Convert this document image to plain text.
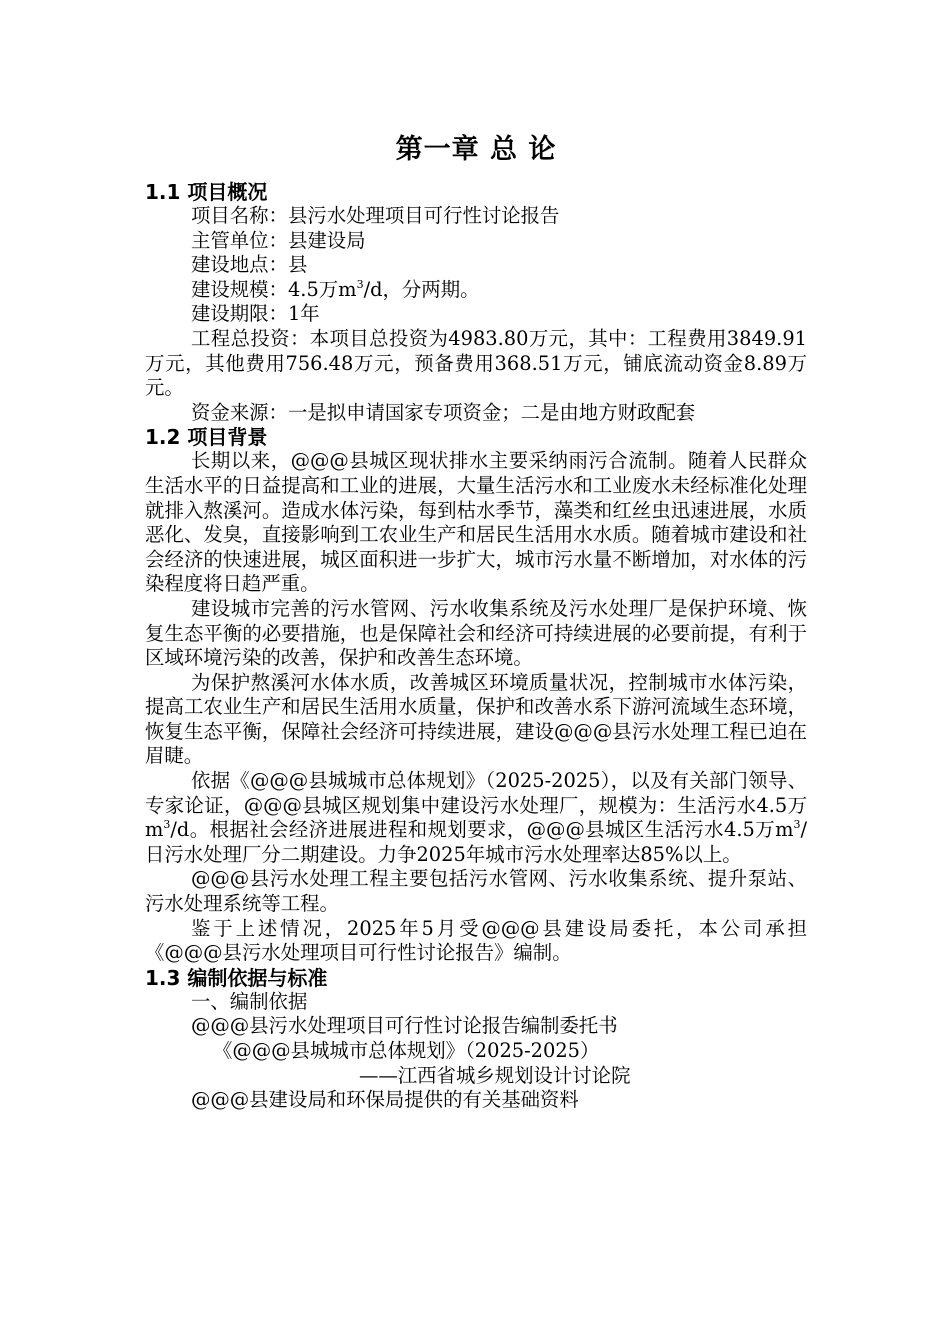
第一章 总 论
1.1 项目概况
项目名称：县污水处理项目可行性讨论报告
主管单位：县建设局
建设地点：县
建设规模：4.5万$m^3/d$，分两期。
建设期限：1年
工程总投资：本项目总投资为4983.80万元，其中：工程费用3849.91万元，其他费用756.48万元，预备费用368.51万元，铺底流动资金8.89万元。
资金来源：一是拟申请国家专项资金；二是由地方财政配套
1.2 项目背景
长期以来，@@@县城区现状排水主要采纳雨污合流制。随着人民群众生活水平的日益提高和工业的进展，大量生活污水和工业废水未经标准化处理就排入熬溪河。造成水体污染，每到枯水季节，藻类和红丝虫迅速进展，水质恶化、发臭，直接影响到工农业生产和居民生活用水水质。随着城市建设和社会经济的快速进展，城区面积进一步扩大，城市污水量不断增加，对水体的污染程度将日趋严重。
建设城市完善的污水管网、污水收集系统及污水处理厂是保护环境、恢复生态平衡的必要措施，也是保障社会和经济可持续进展的必要前提，有利于区域环境污染的改善，保护和改善生态环境。
为保护熬溪河水体水质，改善城区环境质量状况，控制城市水体污染，提高工农业生产和居民生活用水质量，保护和改善水系下游河流域生态环境，恢复生态平衡，保障社会经济可持续进展，建设@@@县污水处理工程已迫在眉睫。
依据《@@@县城城市总体规划》（2025-2025），以及有关部门领导、专家论证，@@@县城区规划集中建设污水处理厂，规模为：生活污水4.5万$m^3/d$。根据社会经济进展进程和规划要求，@@@县城区生活污水4.5万$m^3/$日污水处理厂分二期建设。力争2025年城市污水处理率达85%以上。
@@@县污水处理工程主要包括污水管网、污水收集系统、提升泵站、污水处理系统等工程。
鉴于上述情况，2025年5月受@@@县建设局委托，本公司承担《@@@县污水处理项目可行性讨论报告》编制。
1.3 编制依据与标准
一、编制依据
@@@县污水处理项目可行性讨论报告编制委托书
《@@@县城城市总体规划》（2025-2025）
——江西省城乡规划设计讨论院
@@@县建设局和环保局提供的有关基础资料
